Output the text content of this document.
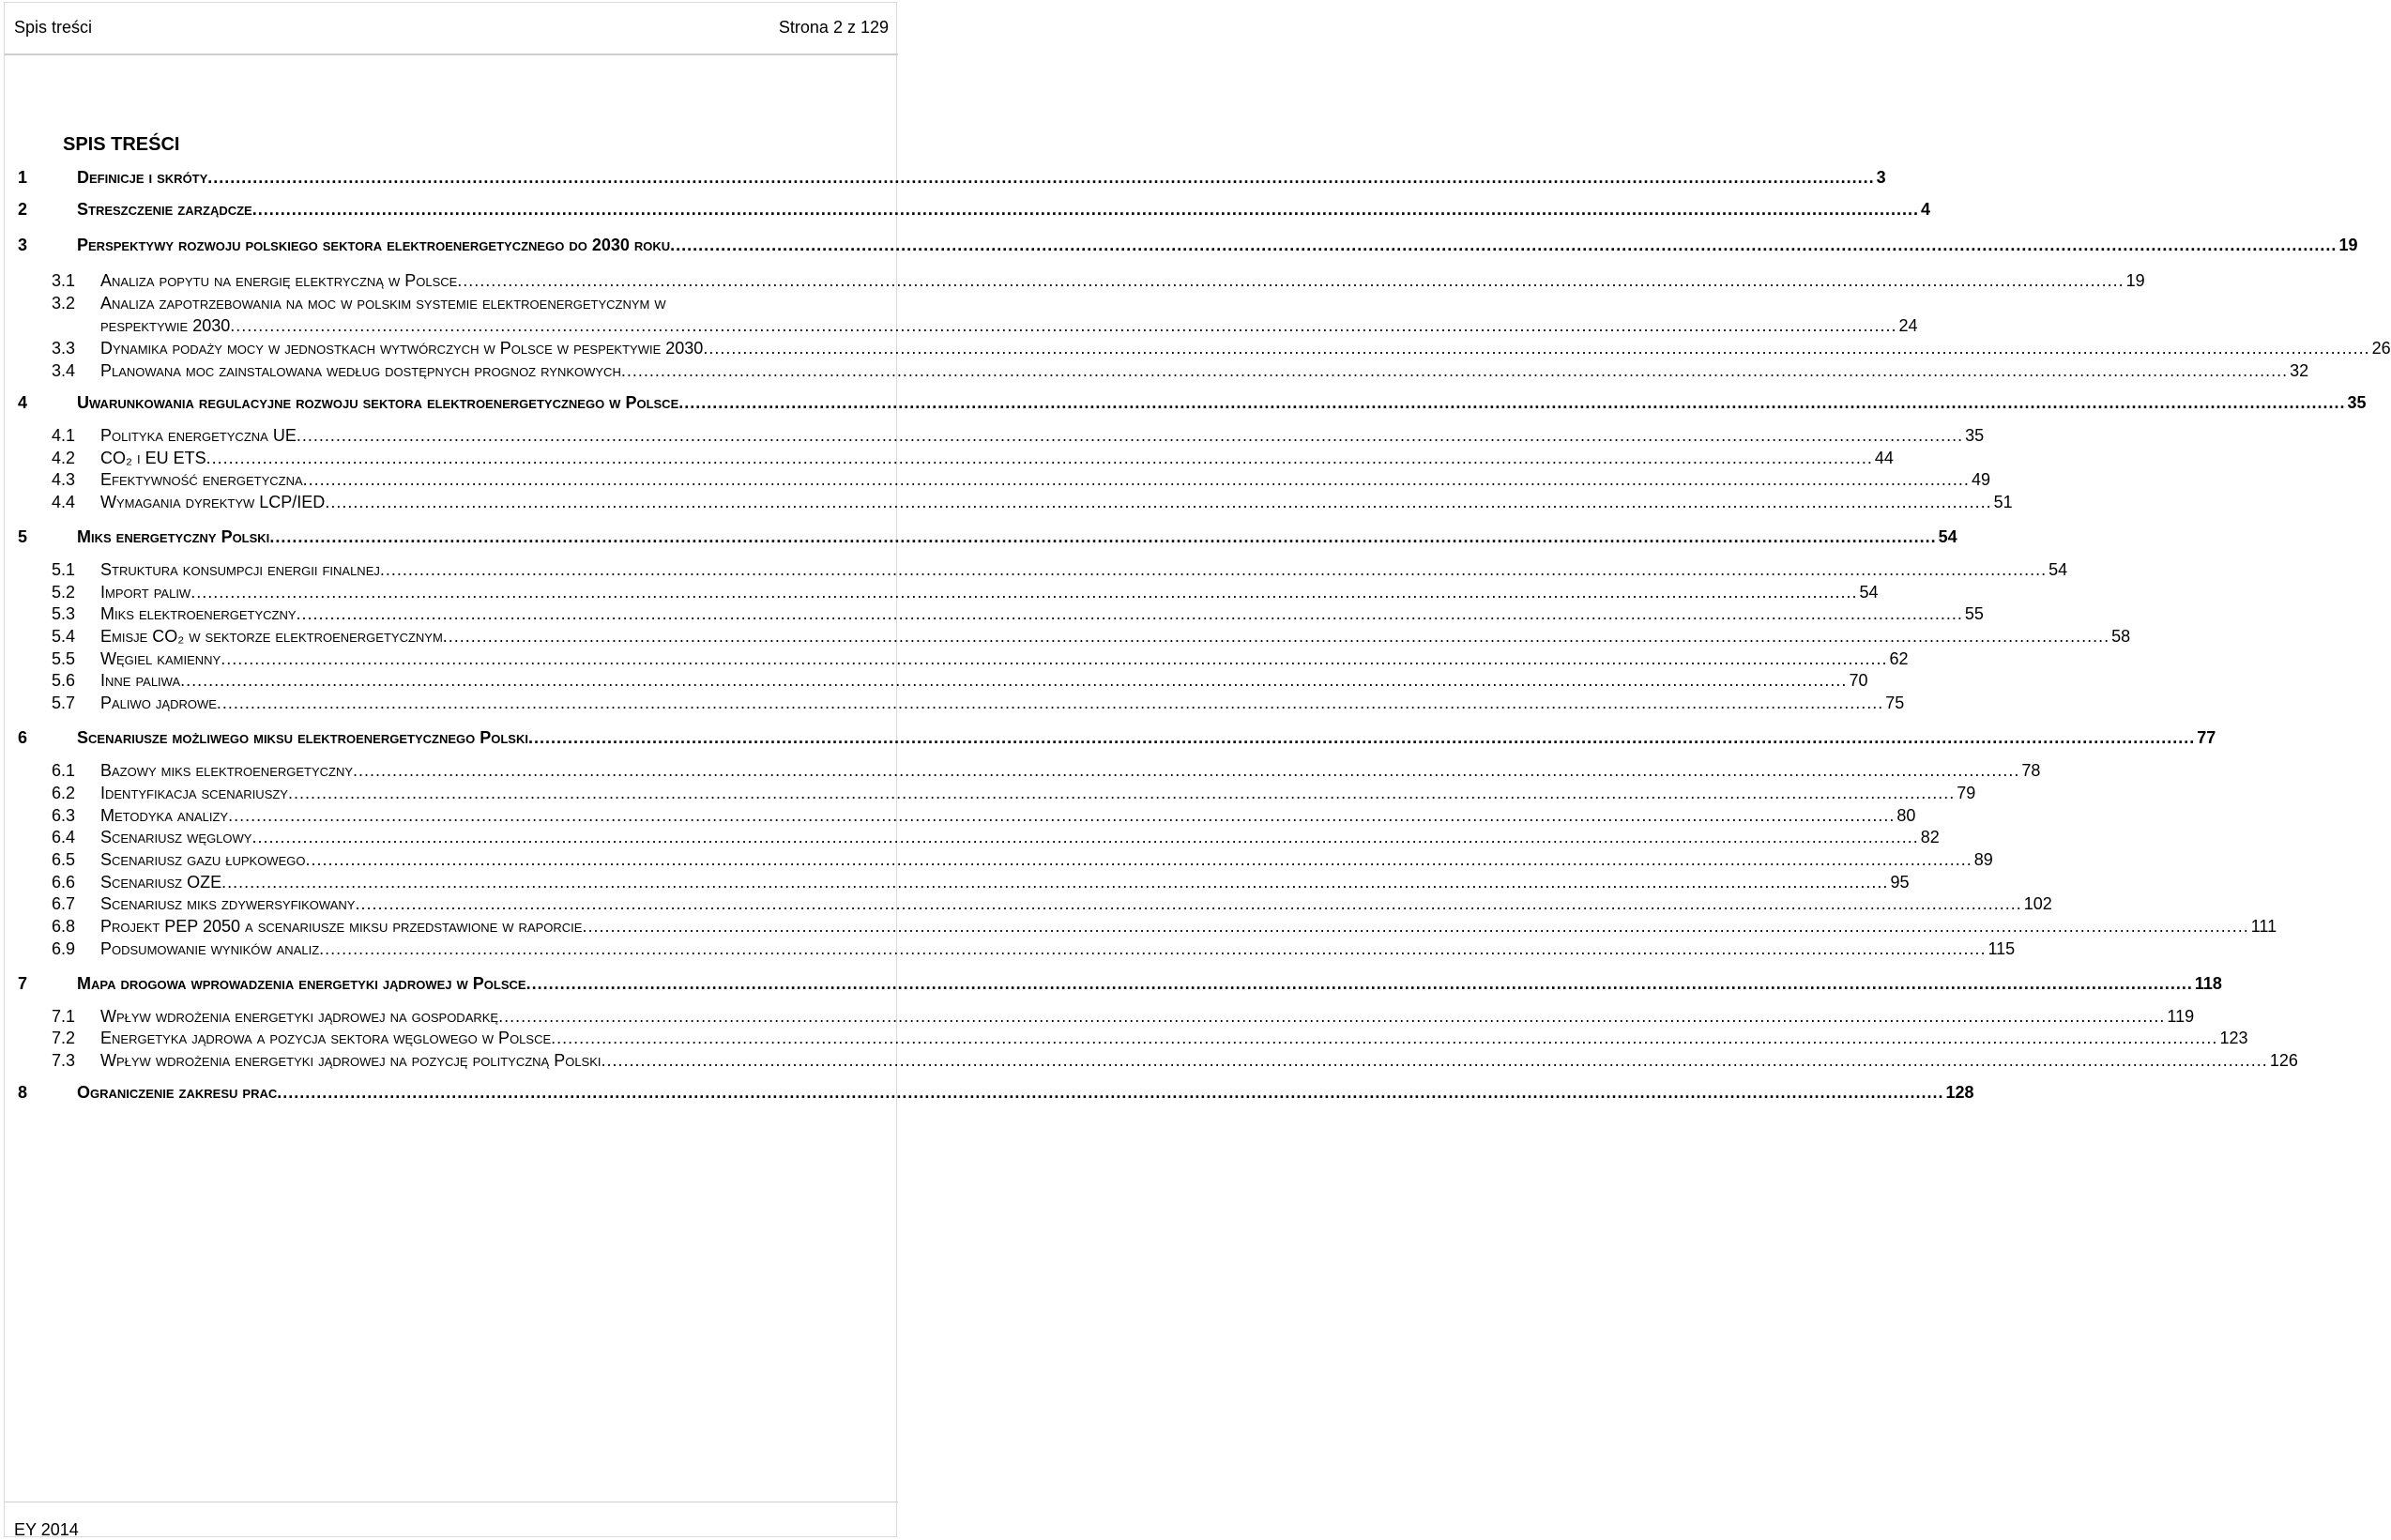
Spis treści	Strona 2 z 129
SPIS TREŚCI
1	Definicje i skróty .....	3
2	Streszczenie zarządcze .....	4
3	Perspektywy rozwoju polskiego sektora elektroenergetycznego do 2030 roku .....	19
3.1 Analiza popytu na energię elektryczną w Polsce .....	19
3.2 Analiza zapotrzebowania na moc w polskim systemie elektroenergetycznym w
pespektywie 2030 .....	24
3.3 Dynamika podaży mocy w jednostkach wytwórczych w Polsce w pespektywie 2030 .....	26
3.4 Planowana moc zainstalowana według dostępnych prognoz rynkowych .....	32
4	Uwarunkowania regulacyjne rozwoju sektora elektroenergetycznego w Polsce .....	35
4.1 Polityka energetyczna UE .....	35
4.2 CO₂ i EU ETS .....	44
4.3 Efektywność energetyczna .....	49
4.4 Wymagania dyrektyw LCP/IED .....	51
5	Miks energetyczny Polski .....	54
5.1 Struktura konsumpcji energii finalnej .....	54
5.2 Import paliw .....	54
5.3 Miks elektroenergetyczny .....	55
5.4 Emisje CO₂ w sektorze elektroenergetycznym .....	58
5.5 Węgiel kamienny .....	62
5.6 Inne paliwa .....	70
5.7 Paliwo jądrowe .....	75
6	Scenariusze możliwego miksu elektroenergetycznego Polski .....	77
6.1 Bazowy miks elektroenergetyczny .....	78
6.2 Identyfikacja scenariuszy .....	79
6.3 Metodyka analizy .....	80
6.4 Scenariusz węglowy .....	82
6.5 Scenariusz gazu łupkowego .....	89
6.6 Scenariusz OZE .....	95
6.7 Scenariusz miks zdywersyfikowany .....	102
6.8 Projekt PEP 2050 a scenariusze miksu przedstawione w raporcie .....	111
6.9 Podsumowanie wyników analiz .....	115
7	Mapa drogowa wprowadzenia energetyki jądrowej w Polsce .....	118
7.1 Wpływ wdrożenia energetyki jądrowej na gospodarkę .....	119
7.2 Energetyka jądrowa a pozycja sektora węglowego w Polsce .....	123
7.3 Wpływ wdrożenia energetyki jądrowej na pozycję polityczną Polski .....	126
8	Ograniczenie zakresu prac .....	128
EY 2014
